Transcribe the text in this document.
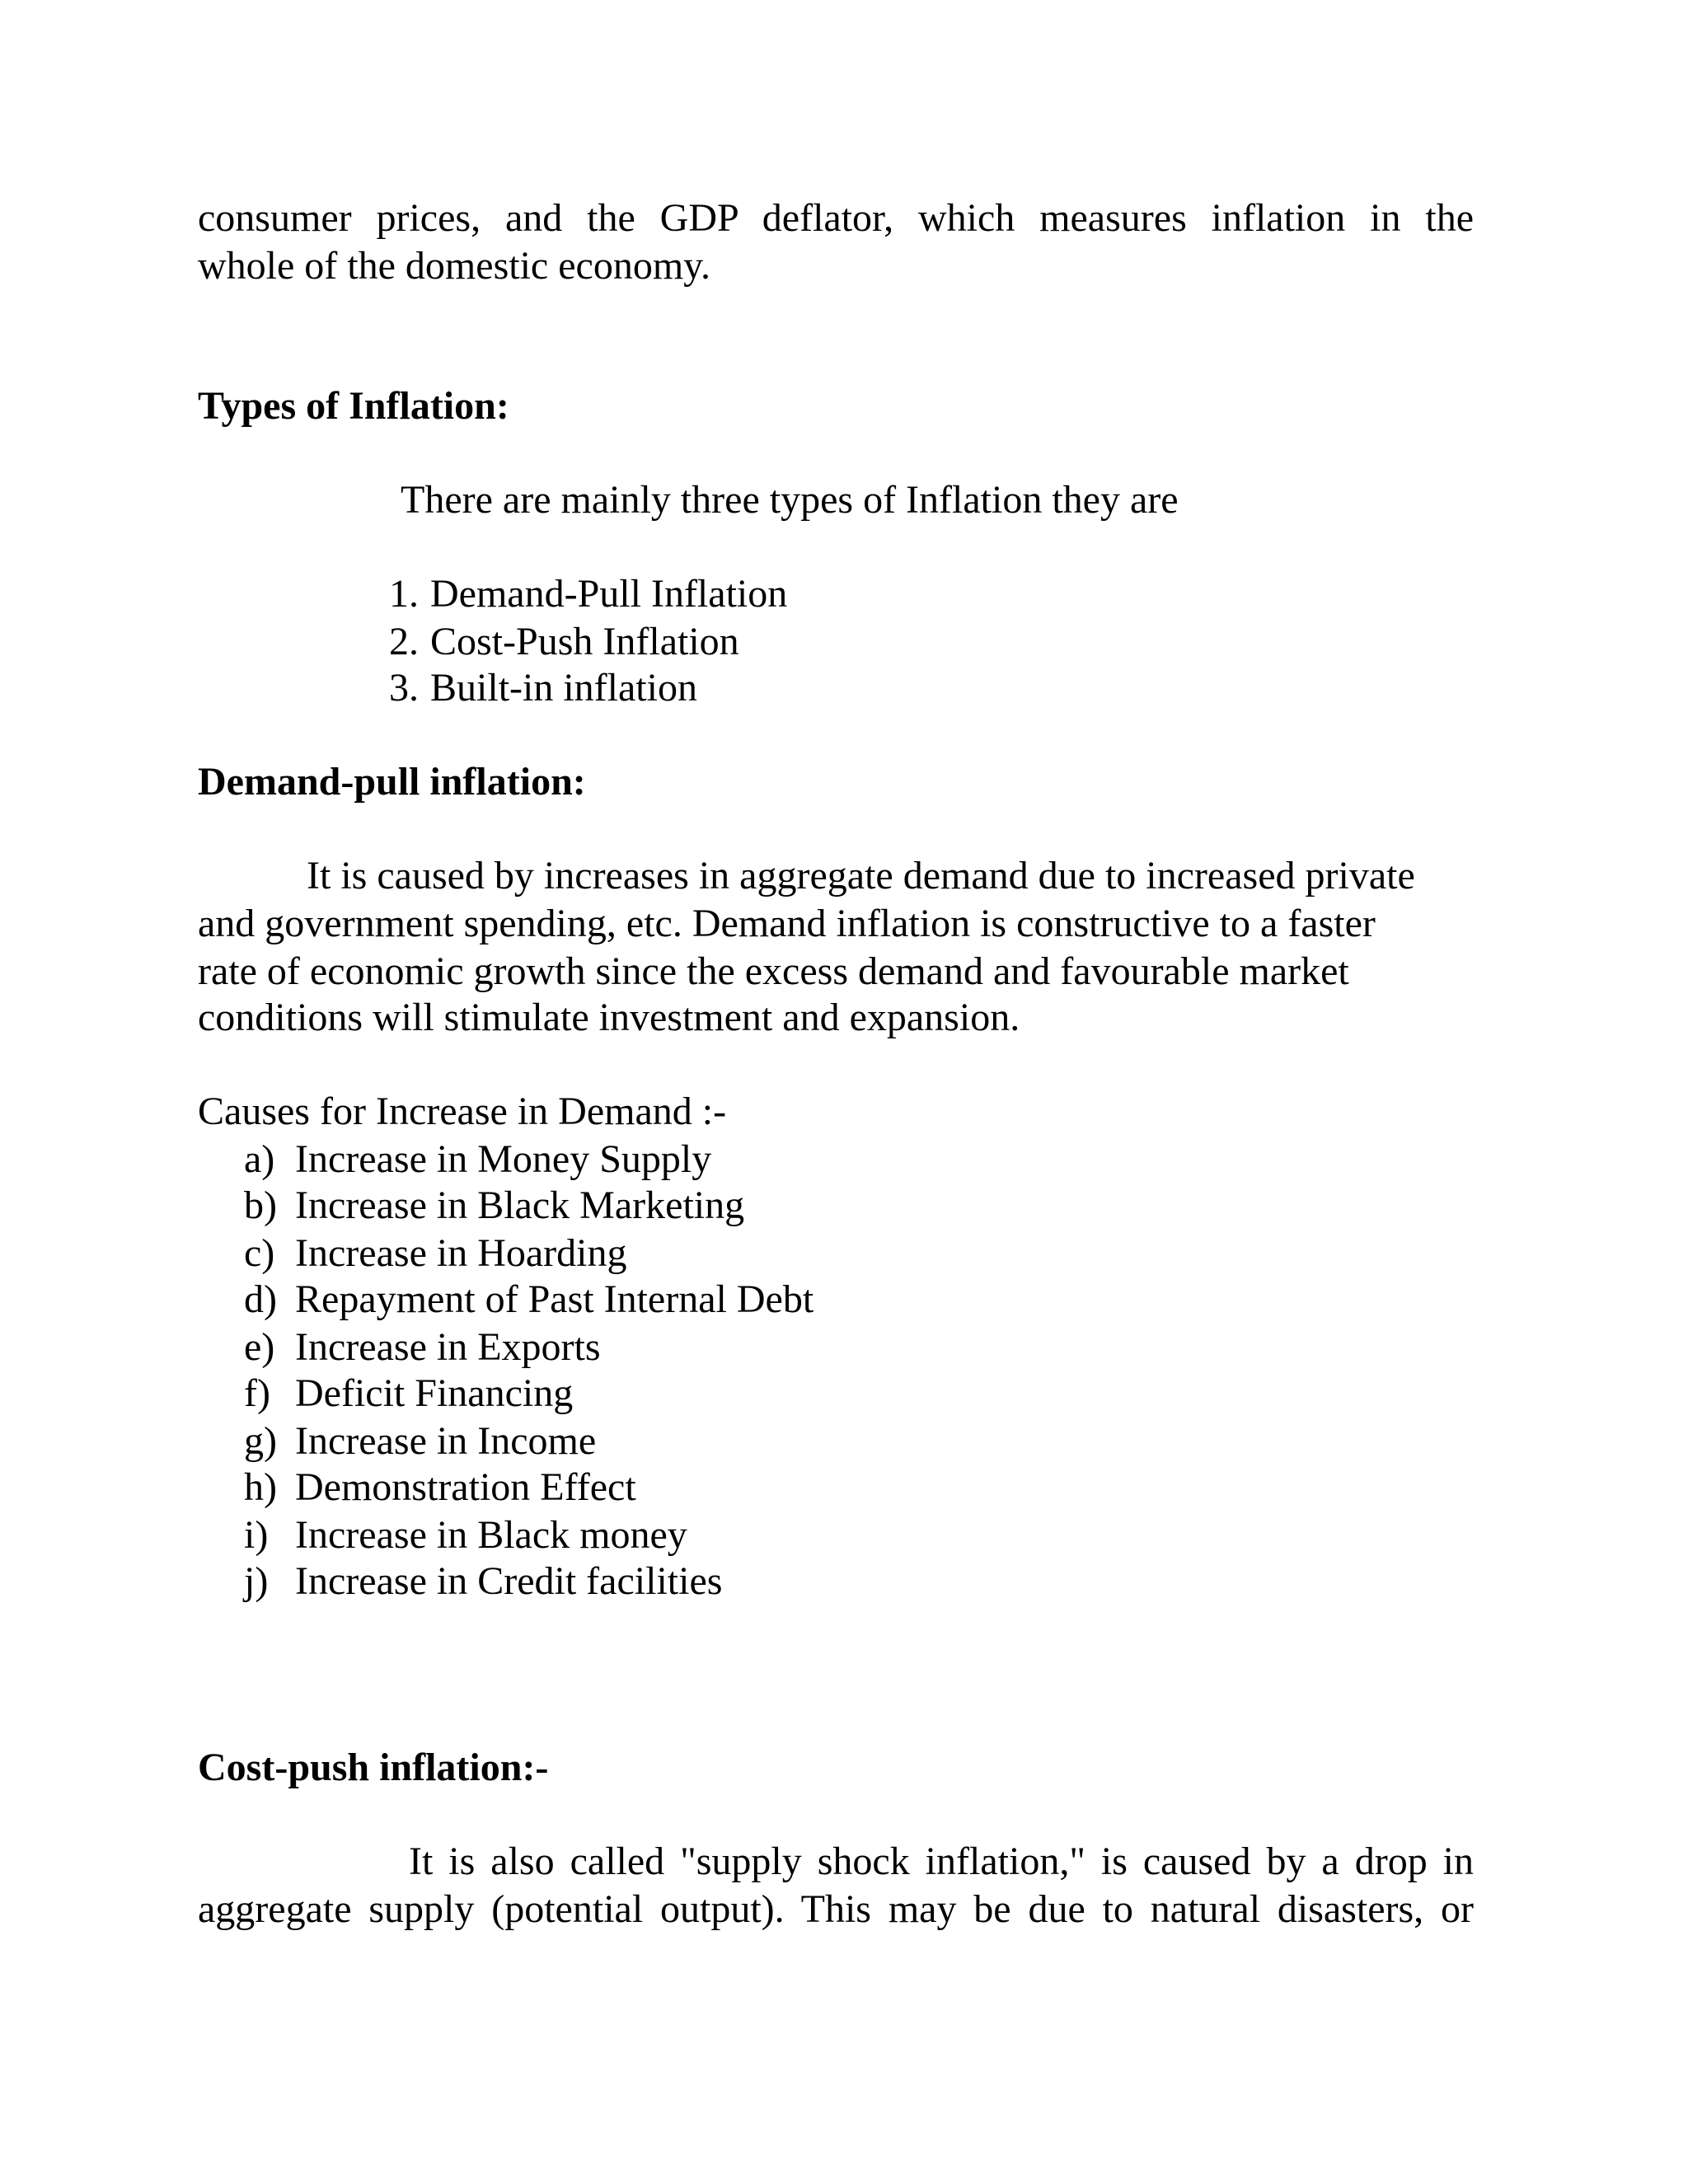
consumer prices, and the GDP deflator, which measures inflation in the
whole of the domestic economy.
Types of Inflation:
There are mainly three types of Inflation they are
1. Demand-Pull Inflation
2. Cost-Push Inflation
3. Built-in inflation
Demand-pull inflation:
It is caused by increases in aggregate demand due to increased private
and government spending, etc. Demand inflation is constructive to a faster
rate of economic growth since the excess demand and favourable market
conditions will stimulate investment and expansion.
Causes for Increase in Demand :-
a) Increase in Money Supply
b) Increase in Black Marketing
c) Increase in Hoarding
d) Repayment of Past Internal Debt
e) Increase in Exports
f) Deficit Financing
g) Increase in Income
h) Demonstration Effect
i) Increase in Black money
j) Increase in Credit facilities
Cost-push inflation:-
It is also called "supply shock inflation," is caused by a drop in
aggregate supply (potential output). This may be due to natural disasters, or
